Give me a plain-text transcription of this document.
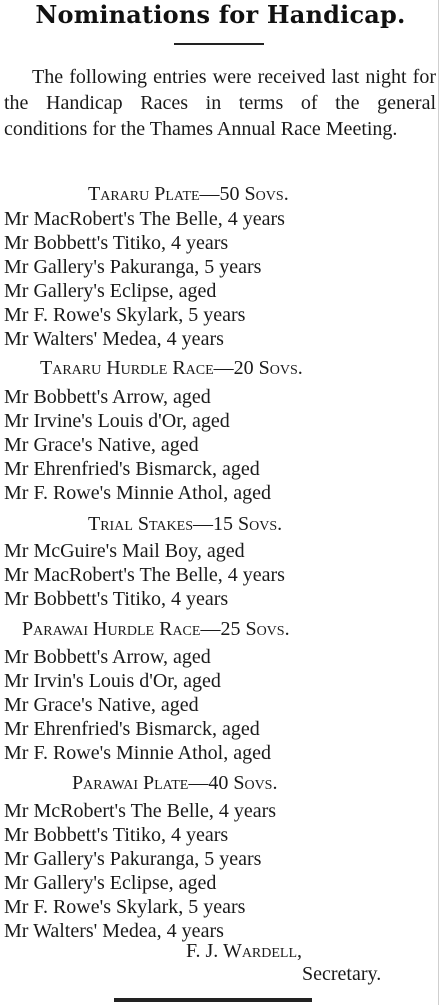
Nominations for Handicap.
The following entries were received last night for the Handicap Races in terms of the general conditions for the Thames Annual Race Meeting.
Tararu Plate—50 Sovs.
Mr MacRobert's The Belle, 4 years
Mr Bobbett's Titiko, 4 years
Mr Gallery's Pakuranga, 5 years
Mr Gallery's Eclipse, aged
Mr F. Rowe's Skylark, 5 years
Mr Walters' Medea, 4 years
Tararu Hurdle Race—20 Sovs.
Mr Bobbett's Arrow, aged
Mr Irvine's Louis d'Or, aged
Mr Grace's Native, aged
Mr Ehrenfried's Bismarck, aged
Mr F. Rowe's Minnie Athol, aged
Trial Stakes—15 Sovs.
Mr McGuire's Mail Boy, aged
Mr MacRobert's The Belle, 4 years
Mr Bobbett's Titiko, 4 years
Parawai Hurdle Race—25 Sovs.
Mr Bobbett's Arrow, aged
Mr Irvin's Louis d'Or, aged
Mr Grace's Native, aged
Mr Ehrenfried's Bismarck, aged
Mr F. Rowe's Minnie Athol, aged
Parawai Plate—40 Sovs.
Mr McRobert's The Belle, 4 years
Mr Bobbett's Titiko, 4 years
Mr Gallery's Pakuranga, 5 years
Mr Gallery's Eclipse, aged
Mr F. Rowe's Skylark, 5 years
Mr Walters' Medea, 4 years
F. J. Wardell,
Secretary.
